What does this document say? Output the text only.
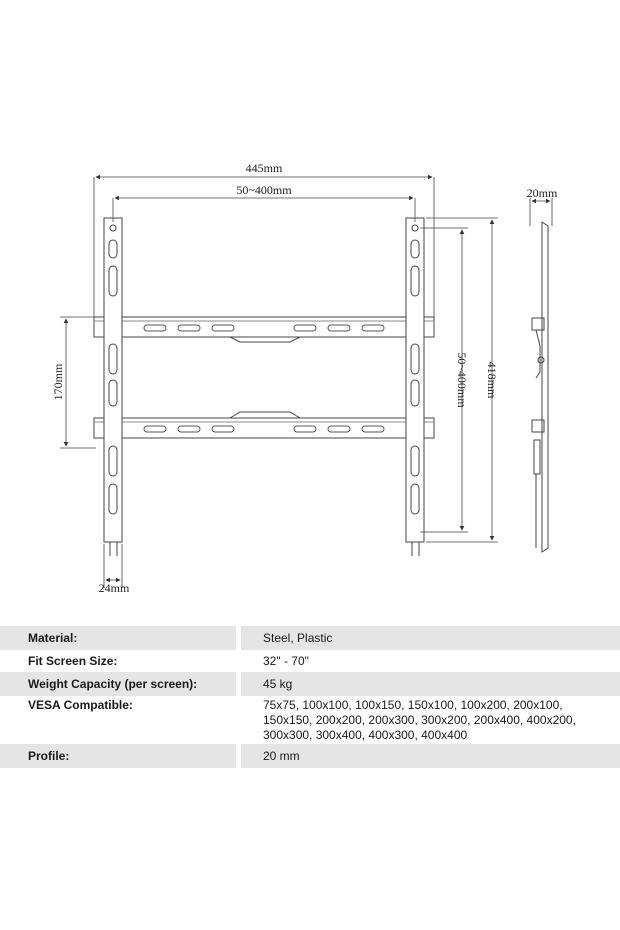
445mm
50~400mm	20mm
170mm	50~400mm 418mm
24mm
Material:	Steel, Plastic
Fit Screen Size:	32" - 70"
Weight Capacity (per screen):	45 kg
VESA Compatible:	75x75, 100x100, 100x150, 150x100, 100x200, 200x100,
150x150, 200x200, 200x300, 300x200, 200x400, 400x200,
300x300, 300x400, 400x300, 400x400
Profile:	20 mm
